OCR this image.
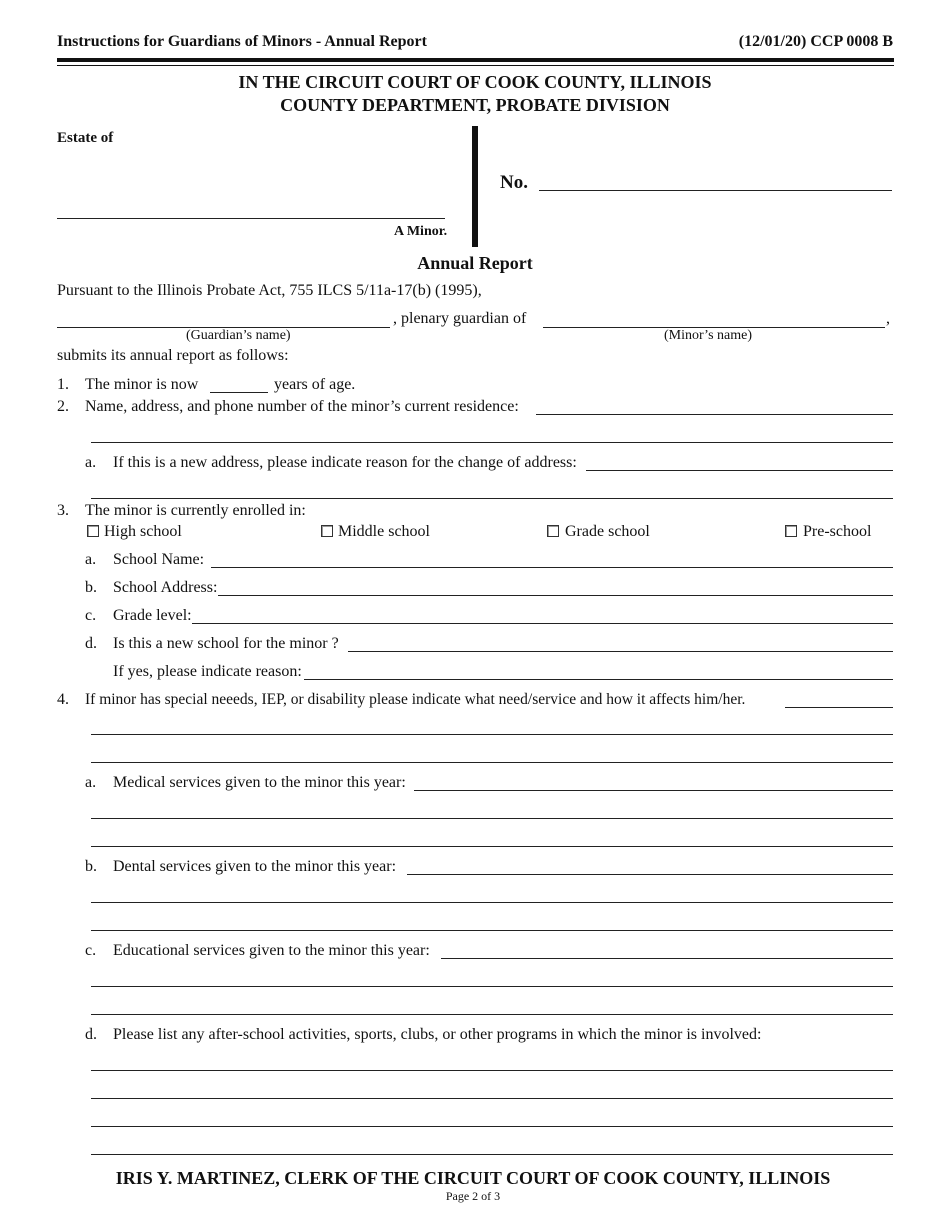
Instructions for Guardians of Minors - Annual Report	(12/01/20) CCP 0008 B
IN THE CIRCUIT COURT OF COOK COUNTY, ILLINOIS
COUNTY DEPARTMENT, PROBATE DIVISION
Estate of
A Minor.
No.
Annual Report
Pursuant to the Illinois Probate Act, 755 ILCS 5/11a-17(b) (1995),
, plenary guardian of	,
(Guardian’s name)	(Minor’s name)
submits its annual report as follows:
1. The minor is now	years of age.
2. Name, address, and phone number of the minor’s current residence:
a. If this is a new address, please indicate reason for the change of address:
3. The minor is currently enrolled in:
High school	Middle school	Grade school	Pre-school
a. School Name:
b. School Address:
c. Grade level:
d. Is this a new school for the minor ?
If yes, please indicate reason:
4. If minor has special neeeds, IEP, or disability please indicate what need/service and how it affects him/her.
a. Medical services given to the minor this year:
b. Dental services given to the minor this year:
c. Educational services given to the minor this year:
d. Please list any after-school activities, sports, clubs, or other programs in which the minor is involved:
IRIS Y. MARTINEZ, CLERK OF THE CIRCUIT COURT OF COOK COUNTY, ILLINOIS
Page 2 of 3
